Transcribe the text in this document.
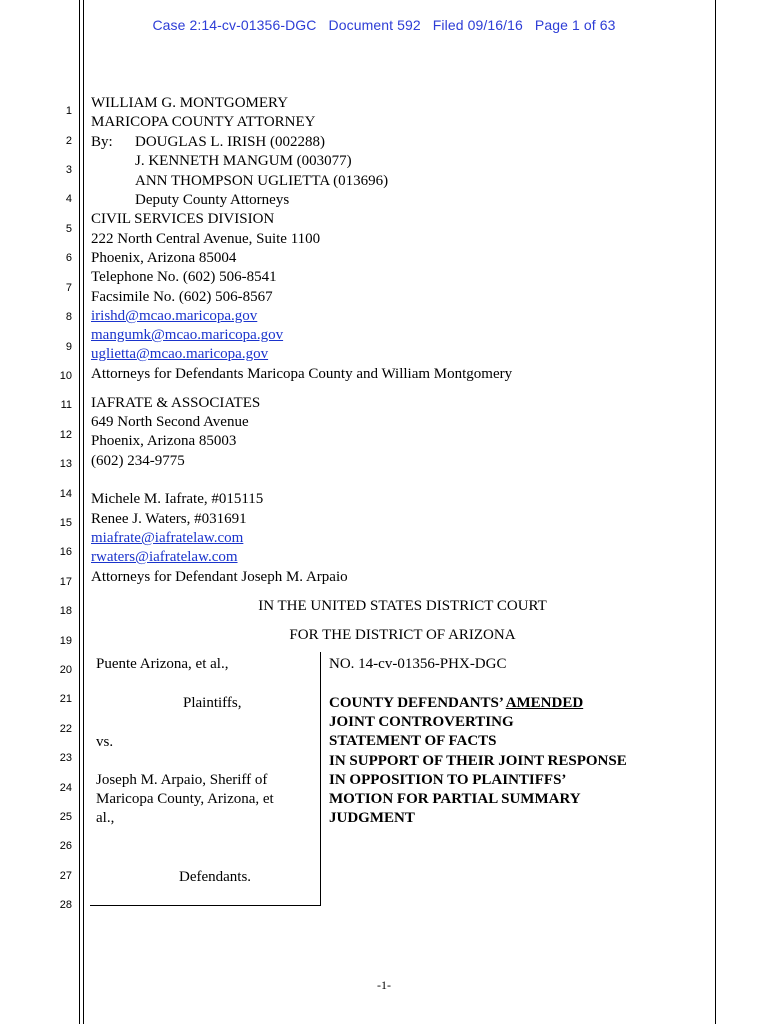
Case 2:14-cv-01356-DGC Document 592 Filed 09/16/16 Page 1 of 63
1
2
3
4
5
6
7
8
9
10
11
12
13
14
15
16
17
18
19
20
21
22
23
24
25
26
27
28
WILLIAM G. MONTGOMERY
MARICOPA COUNTY ATTORNEY
By: DOUGLAS L. IRISH (002288)
J. KENNETH MANGUM (003077)
ANN THOMPSON UGLIETTA (013696)
Deputy County Attorneys
CIVIL SERVICES DIVISION
222 North Central Avenue, Suite 1100
Phoenix, Arizona 85004
Telephone No. (602) 506-8541
Facsimile No. (602) 506-8567
irishd@mcao.maricopa.gov
mangumk@mcao.maricopa.gov
uglietta@mcao.maricopa.gov
Attorneys for Defendants Maricopa County and William Montgomery
IAFRATE & ASSOCIATES
649 North Second Avenue
Phoenix, Arizona 85003
(602) 234-9775
Michele M. Iafrate, #015115
Renee J. Waters, #031691
miafrate@iafratelaw.com
rwaters@iafratelaw.com
Attorneys for Defendant Joseph M. Arpaio
IN THE UNITED STATES DISTRICT COURT
FOR THE DISTRICT OF ARIZONA
Puente Arizona, et al.,
Plaintiffs,
vs.
Joseph M. Arpaio, Sheriff of
Maricopa County, Arizona, et
al.,
Defendants.
NO. 14-cv-01356-PHX-DGC
COUNTY DEFENDANTS’ AMENDED
JOINT CONTROVERTING
STATEMENT OF FACTS
IN SUPPORT OF THEIR JOINT RESPONSE
IN OPPOSITION TO PLAINTIFFS’
MOTION FOR PARTIAL SUMMARY
JUDGMENT
-1-
